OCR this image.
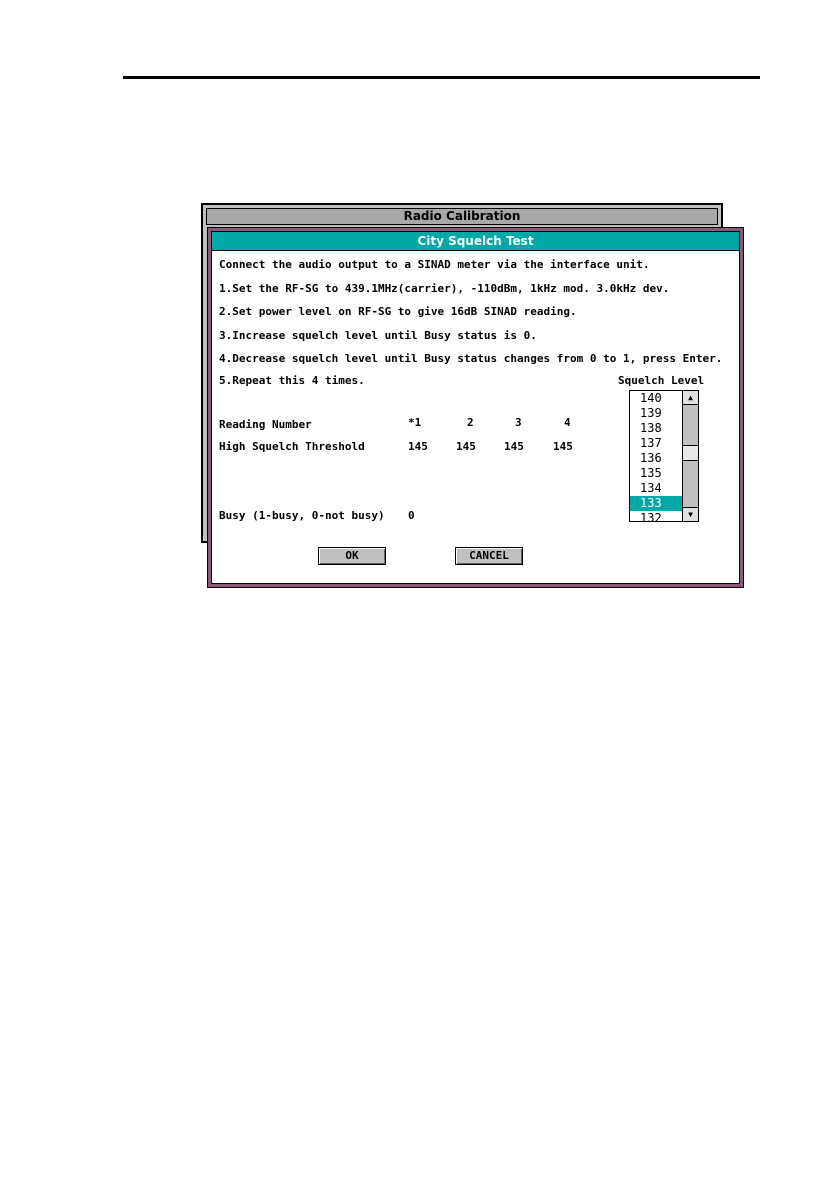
Radio Calibration
City Squelch Test
Connect the audio output to a SINAD meter via the interface unit.
1.Set the RF-SG to 439.1MHz(carrier), -110dBm, 1kHz mod. 3.0kHz dev.
2.Set power level on RF-SG to give 16dB SINAD reading.
3.Increase squelch level until Busy status is 0.
4.Decrease squelch level until Busy status changes from 0 to 1, press Enter.
5.Repeat this 4 times.	Squelch Level
Reading Number	*1	2	3	4
High Squelch Threshold	145	145	145	145
Busy (1-busy, 0-not busy) 0
140
139
138
137
136
135
134
133
132
▲
▼
OK	CANCEL
